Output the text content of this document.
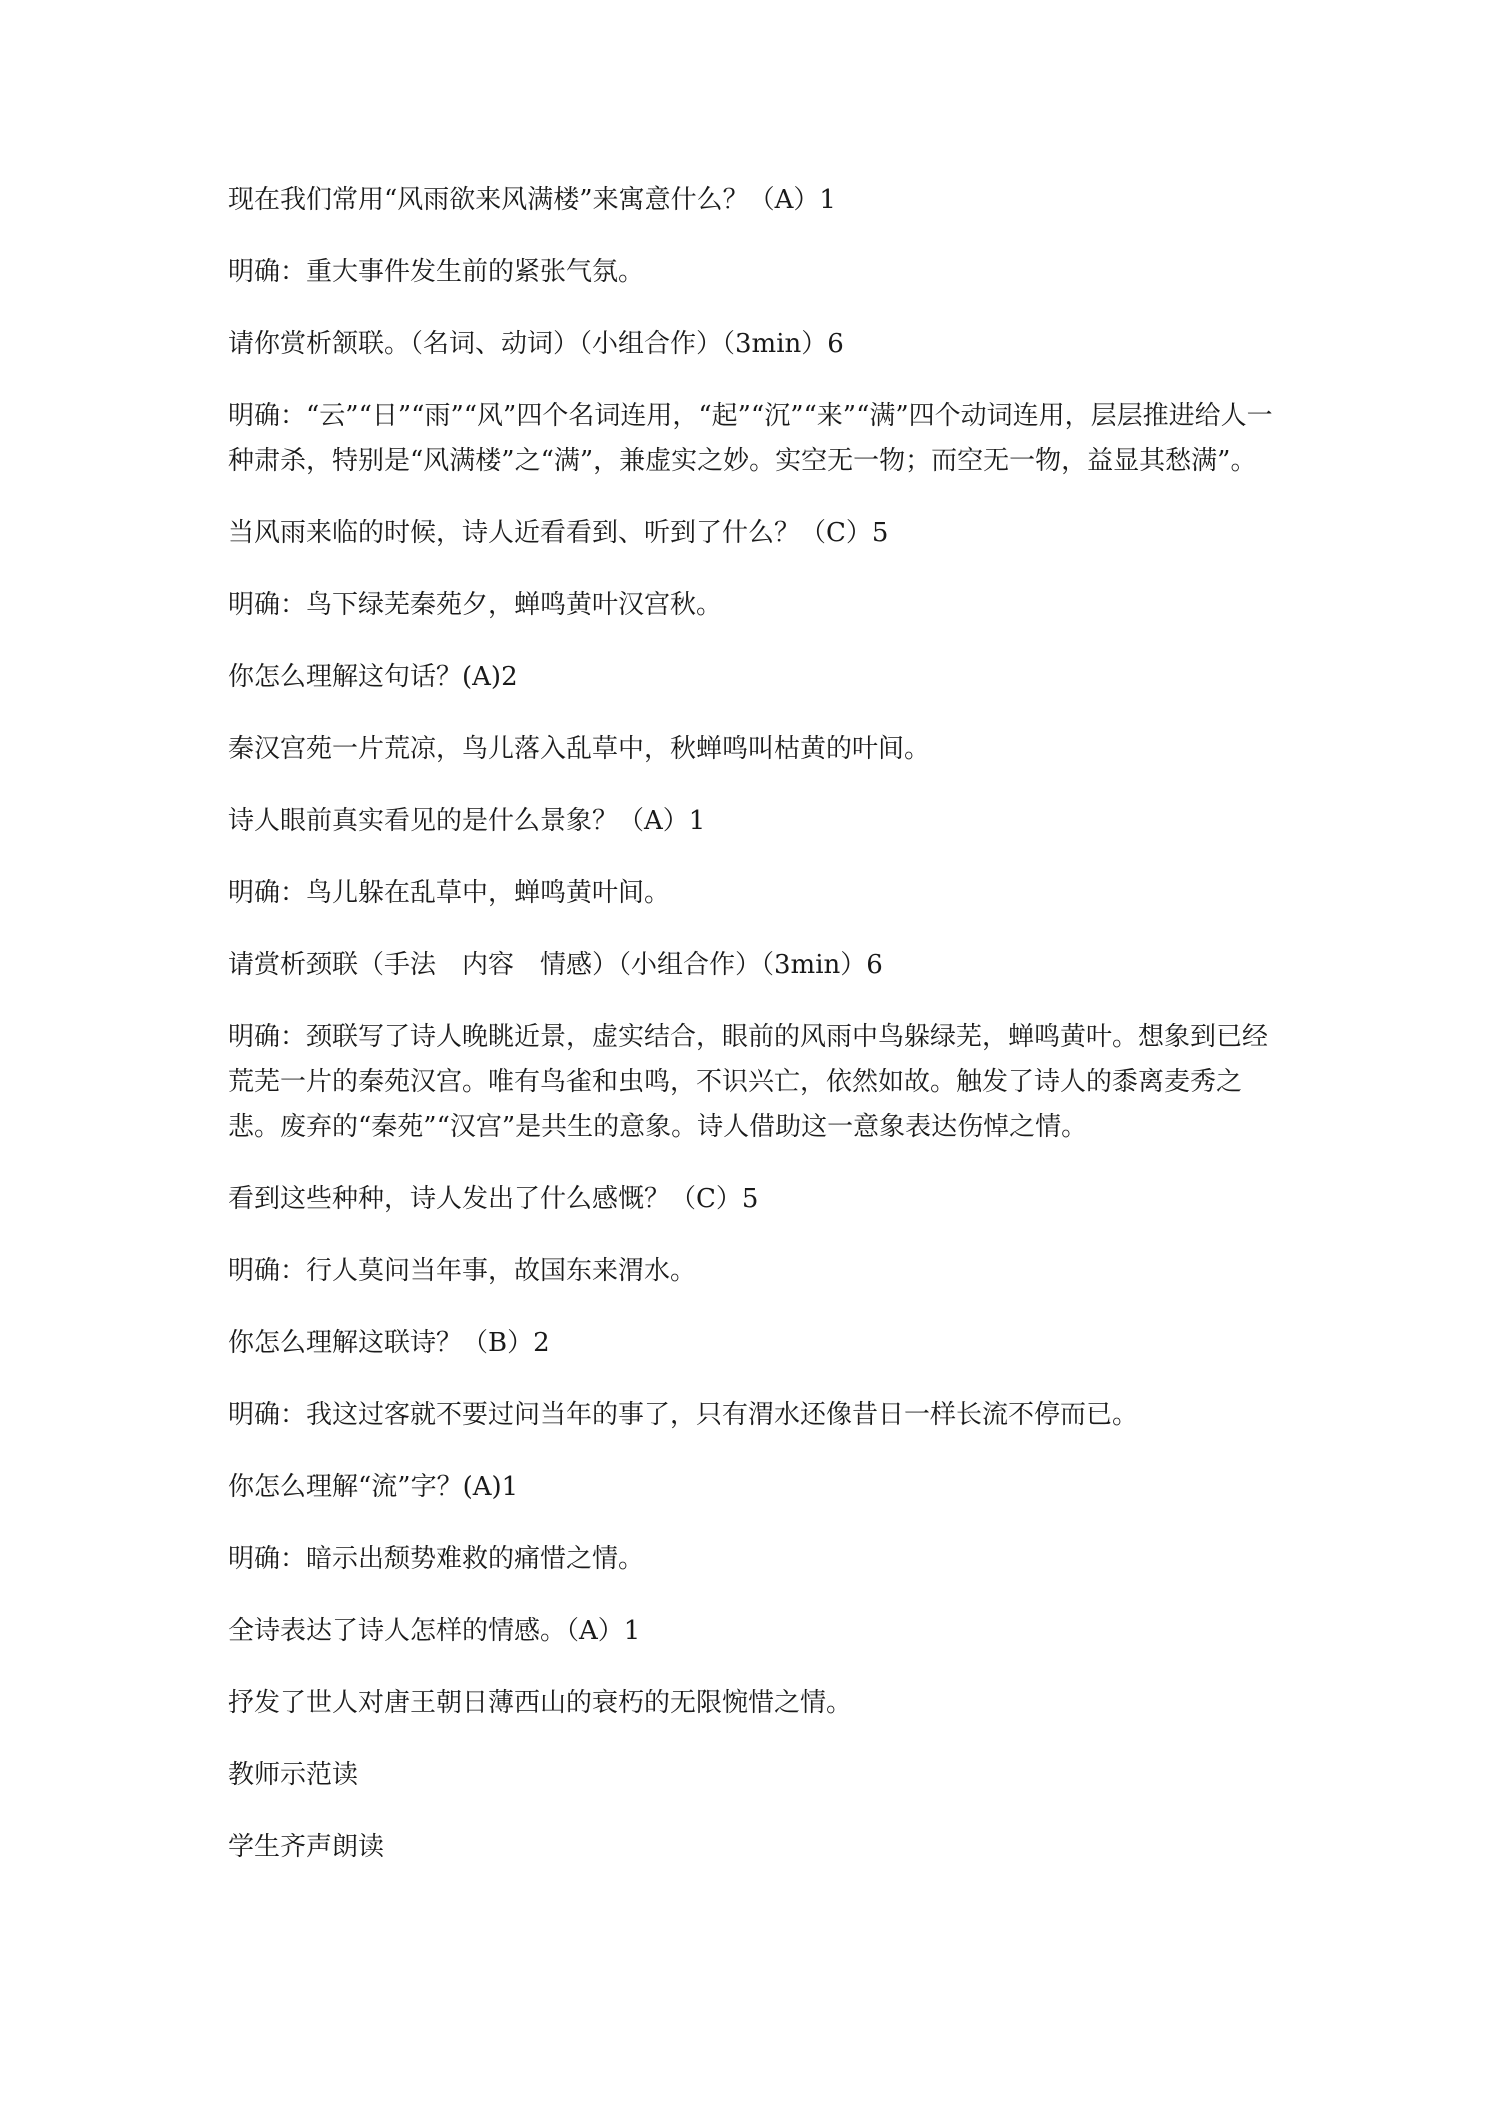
现在我们常用“风雨欲来风满楼”来寓意什么？（A）1

明确：重大事件发生前的紧张气氛。

请你赏析颔联。（名词、动词）（小组合作）（3min）6

明确：“云”“日”“雨”“风”四个名词连用，“起”“沉”“来”“满”四个动词连用，层层推进给人一种肃杀，特别是“风满楼”之“满”，兼虚实之妙。实空无一物；而空无一物，益显其愁满”。

当风雨来临的时候，诗人近看看到、听到了什么？（C）5

明确：鸟下绿芜秦苑夕，蝉鸣黄叶汉宫秋。

你怎么理解这句话？(A)2

秦汉宫苑一片荒凉，鸟儿落入乱草中，秋蝉鸣叫枯黄的叶间。

诗人眼前真实看见的是什么景象？（A）1

明确：鸟儿躲在乱草中，蝉鸣黄叶间。

请赏析颈联（手法　内容　情感）（小组合作）（3min）6

明确：颈联写了诗人晚眺近景，虚实结合，眼前的风雨中鸟躲绿芜，蝉鸣黄叶。想象到已经荒芜一片的秦苑汉宫。唯有鸟雀和虫鸣，不识兴亡，依然如故。触发了诗人的黍离麦秀之悲。废弃的“秦苑”“汉宫”是共生的意象。诗人借助这一意象表达伤悼之情。

看到这些种种，诗人发出了什么感慨？（C）5

明确：行人莫问当年事，故国东来渭水。

你怎么理解这联诗？（B）2

明确：我这过客就不要过问当年的事了，只有渭水还像昔日一样长流不停而已。

你怎么理解“流”字？(A)1

明确：暗示出颓势难救的痛惜之情。

全诗表达了诗人怎样的情感。（A）1

抒发了世人对唐王朝日薄西山的衰朽的无限惋惜之情。

教师示范读

学生齐声朗读
